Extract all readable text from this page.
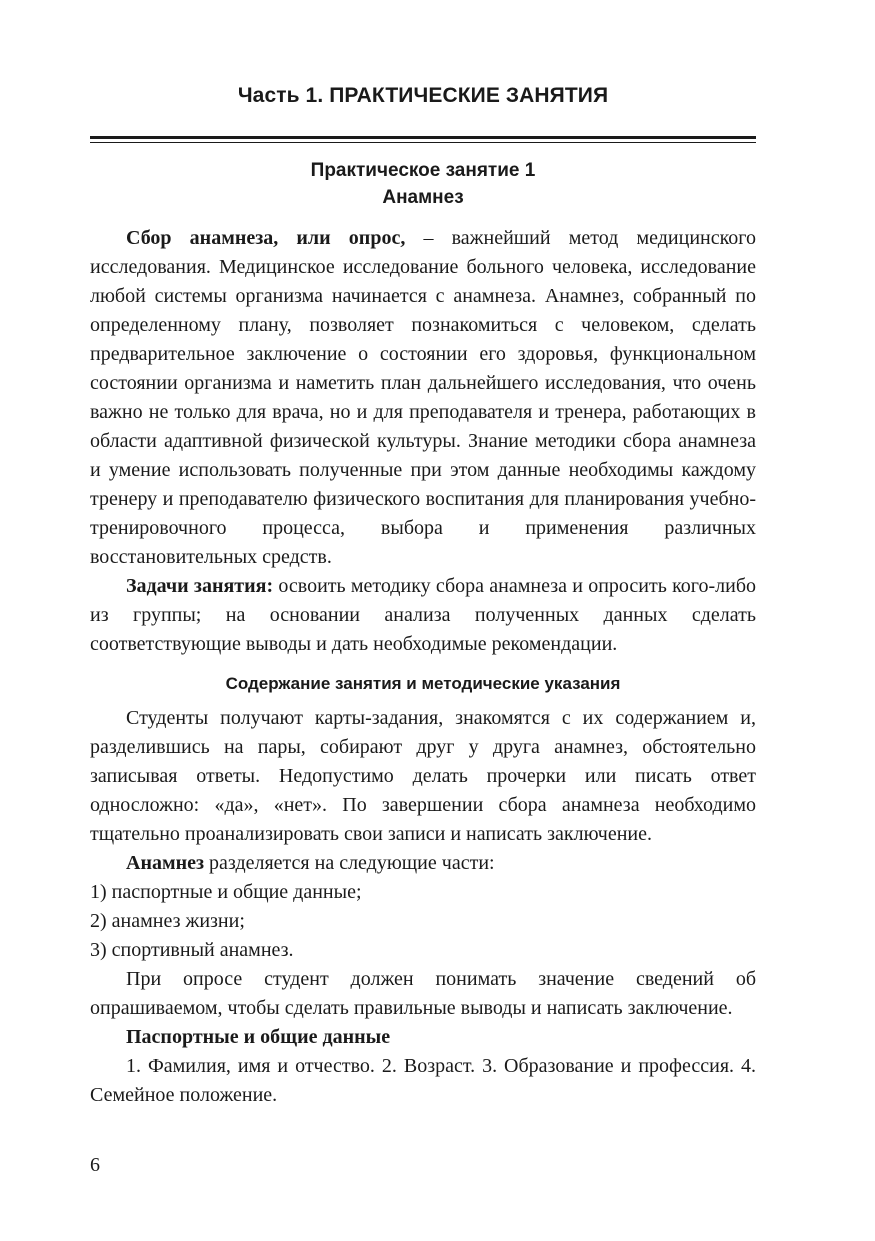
Часть 1. ПРАКТИЧЕСКИЕ ЗАНЯТИЯ
Практическое занятие 1
Анамнез

Сбор анамнеза, или опрос, – важнейший метод медицинского исследования. Медицинское исследование больного человека, исследование любой системы организма начинается с анамнеза. Анамнез, собранный по определенному плану, позволяет познакомиться с человеком, сделать предварительное заключение о состоянии его здоровья, функциональном состоянии организма и наметить план дальнейшего исследования, что очень важно не только для врача, но и для преподавателя и тренера, работающих в области адаптивной физической культуры. Знание методики сбора анамнеза и умение использовать полученные при этом данные необходимы каждому тренеру и преподавателю физического воспитания для планирования учебно-тренировочного процесса, выбора и применения различных восстановительных средств.

Задачи занятия: освоить методику сбора анамнеза и опросить кого-либо из группы; на основании анализа полученных данных сделать соответствующие выводы и дать необходимые рекомендации.

Содержание занятия и методические указания

Студенты получают карты-задания, знакомятся с их содержанием и, разделившись на пары, собирают друг у друга анамнез, обстоятельно записывая ответы. Недопустимо делать прочерки или писать ответ односложно: «да», «нет». По завершении сбора анамнеза необходимо тщательно проанализировать свои записи и написать заключение.

Анамнез разделяется на следующие части:

1) паспортные и общие данные;

2) анамнез жизни;

3) спортивный анамнез.

При опросе студент должен понимать значение сведений об опрашиваемом, чтобы сделать правильные выводы и написать заключение.

Паспортные и общие данные

1. Фамилия, имя и отчество. 2. Возраст. 3. Образование и профессия. 4. Семейное положение.

6
